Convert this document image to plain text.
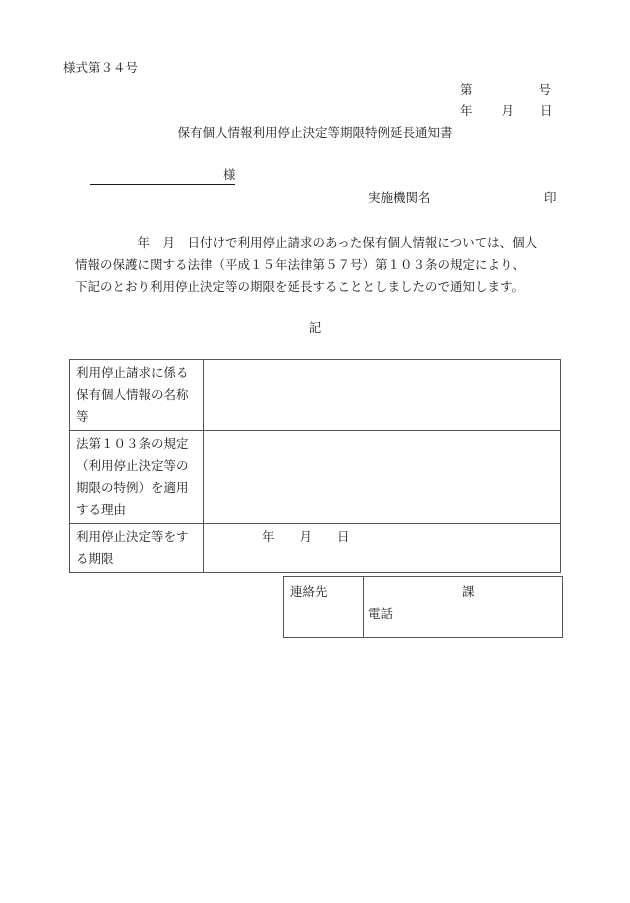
様式第３４号
第	号
年 月 日
保有個人情報利用停止決定等期限特例延長通知書
様
実施機関名	印

　　　　　年　月　日付けで利用停止請求のあった保有個人情報については、個人

情報の保護に関する法律（平成１５年法律第５７号）第１０３条の規定により、

下記のとおり利用停止決定等の期限を延長することとしましたので通知します。

記
利用停止請求に係る保有個人情報の名称等	
法第１０３条の規定（利用停止決定等の期限の特例）を適用する理由	
利用停止決定等をする期限	年　　月　　日
連絡先	課
電話
